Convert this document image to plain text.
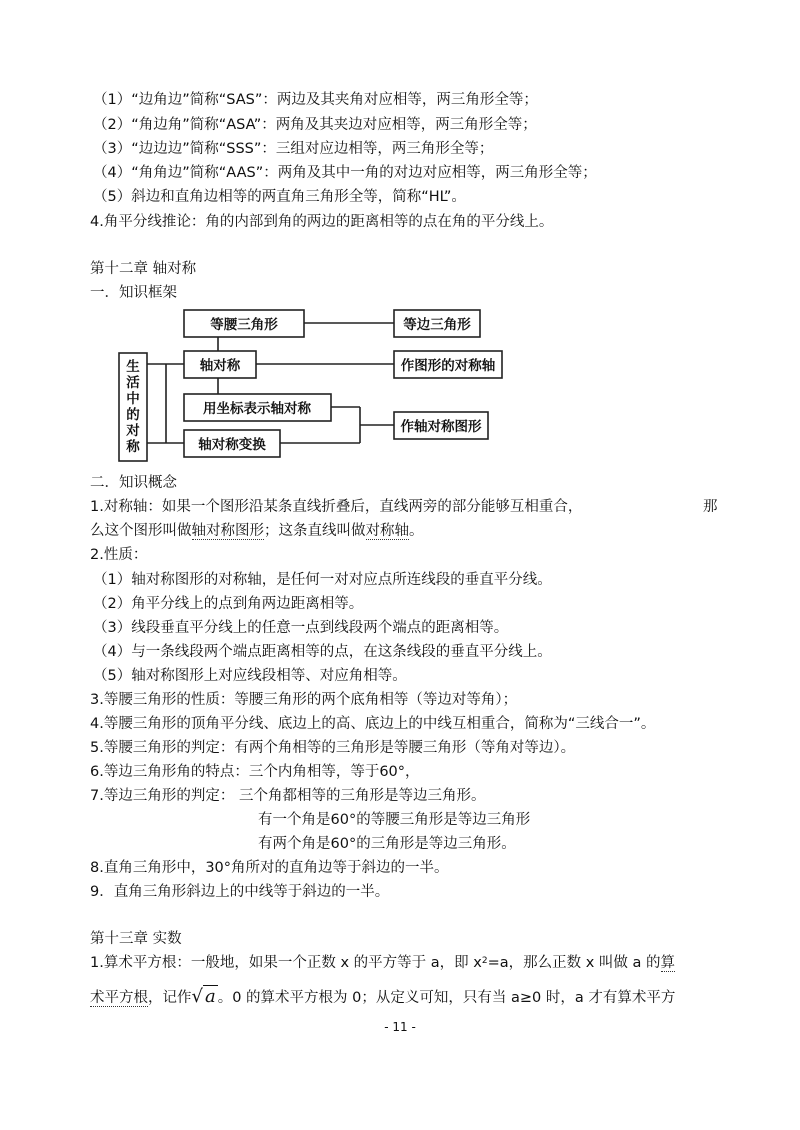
（1）“边角边”简称“SAS”：两边及其夹角对应相等，两三角形全等；
（2）“角边角”简称“ASA”：两角及其夹边对应相等，两三角形全等；
（3）“边边边”简称“SSS”：三组对应边相等，两三角形全等；
（4）“角角边”简称“AAS”：两角及其中一角的对边对应相等，两三角形全等；
（5）斜边和直角边相等的两直角三角形全等，简称“HL”。
4.角平分线推论：角的内部到角的两边的距离相等的点在角的平分线上。
第十二章 轴对称
一．知识框架
生
活
中
的
对
称
等腰三角形	等边三角形
轴对称	作图形的对称轴
用坐标表示轴对称
作轴对称图形
轴对称变换
二．知识概念
1.对称轴：如果一个图形沿某条直线折叠后，直线两旁的部分能够互相重合，	那
么这个图形叫做轴对称图形；这条直线叫做对称轴。
2.性质：
（1）轴对称图形的对称轴，是任何一对对应点所连线段的垂直平分线。
（2）角平分线上的点到角两边距离相等。
（3）线段垂直平分线上的任意一点到线段两个端点的距离相等。
（4）与一条线段两个端点距离相等的点，在这条线段的垂直平分线上。
（5）轴对称图形上对应线段相等、对应角相等。
3.等腰三角形的性质：等腰三角形的两个底角相等（等边对等角）；
4.等腰三角形的顶角平分线、底边上的高、底边上的中线互相重合，简称为“三线合一”。
5.等腰三角形的判定：有两个角相等的三角形是等腰三角形（等角对等边）。
6.等边三角形角的特点：三个内角相等，等于60°，
7.等边三角形的判定： 三个角都相等的三角形是等边三角形。
有一个角是60°的等腰三角形是等边三角形
有两个角是60°的三角形是等边三角形。
8.直角三角形中，30°角所对的直角边等于斜边的一半。
9．直角三角形斜边上的中线等于斜边的一半。
第十三章 实数
1.算术平方根：一般地，如果一个正数 x 的平方等于 a，即 $x^2=a$，那么正数 x 叫做 a 的算
术平方根，记作√ a 。0 的算术平方根为 0；从定义可知，只有当 a≥0 时，a 才有算术平方
- 11 -
